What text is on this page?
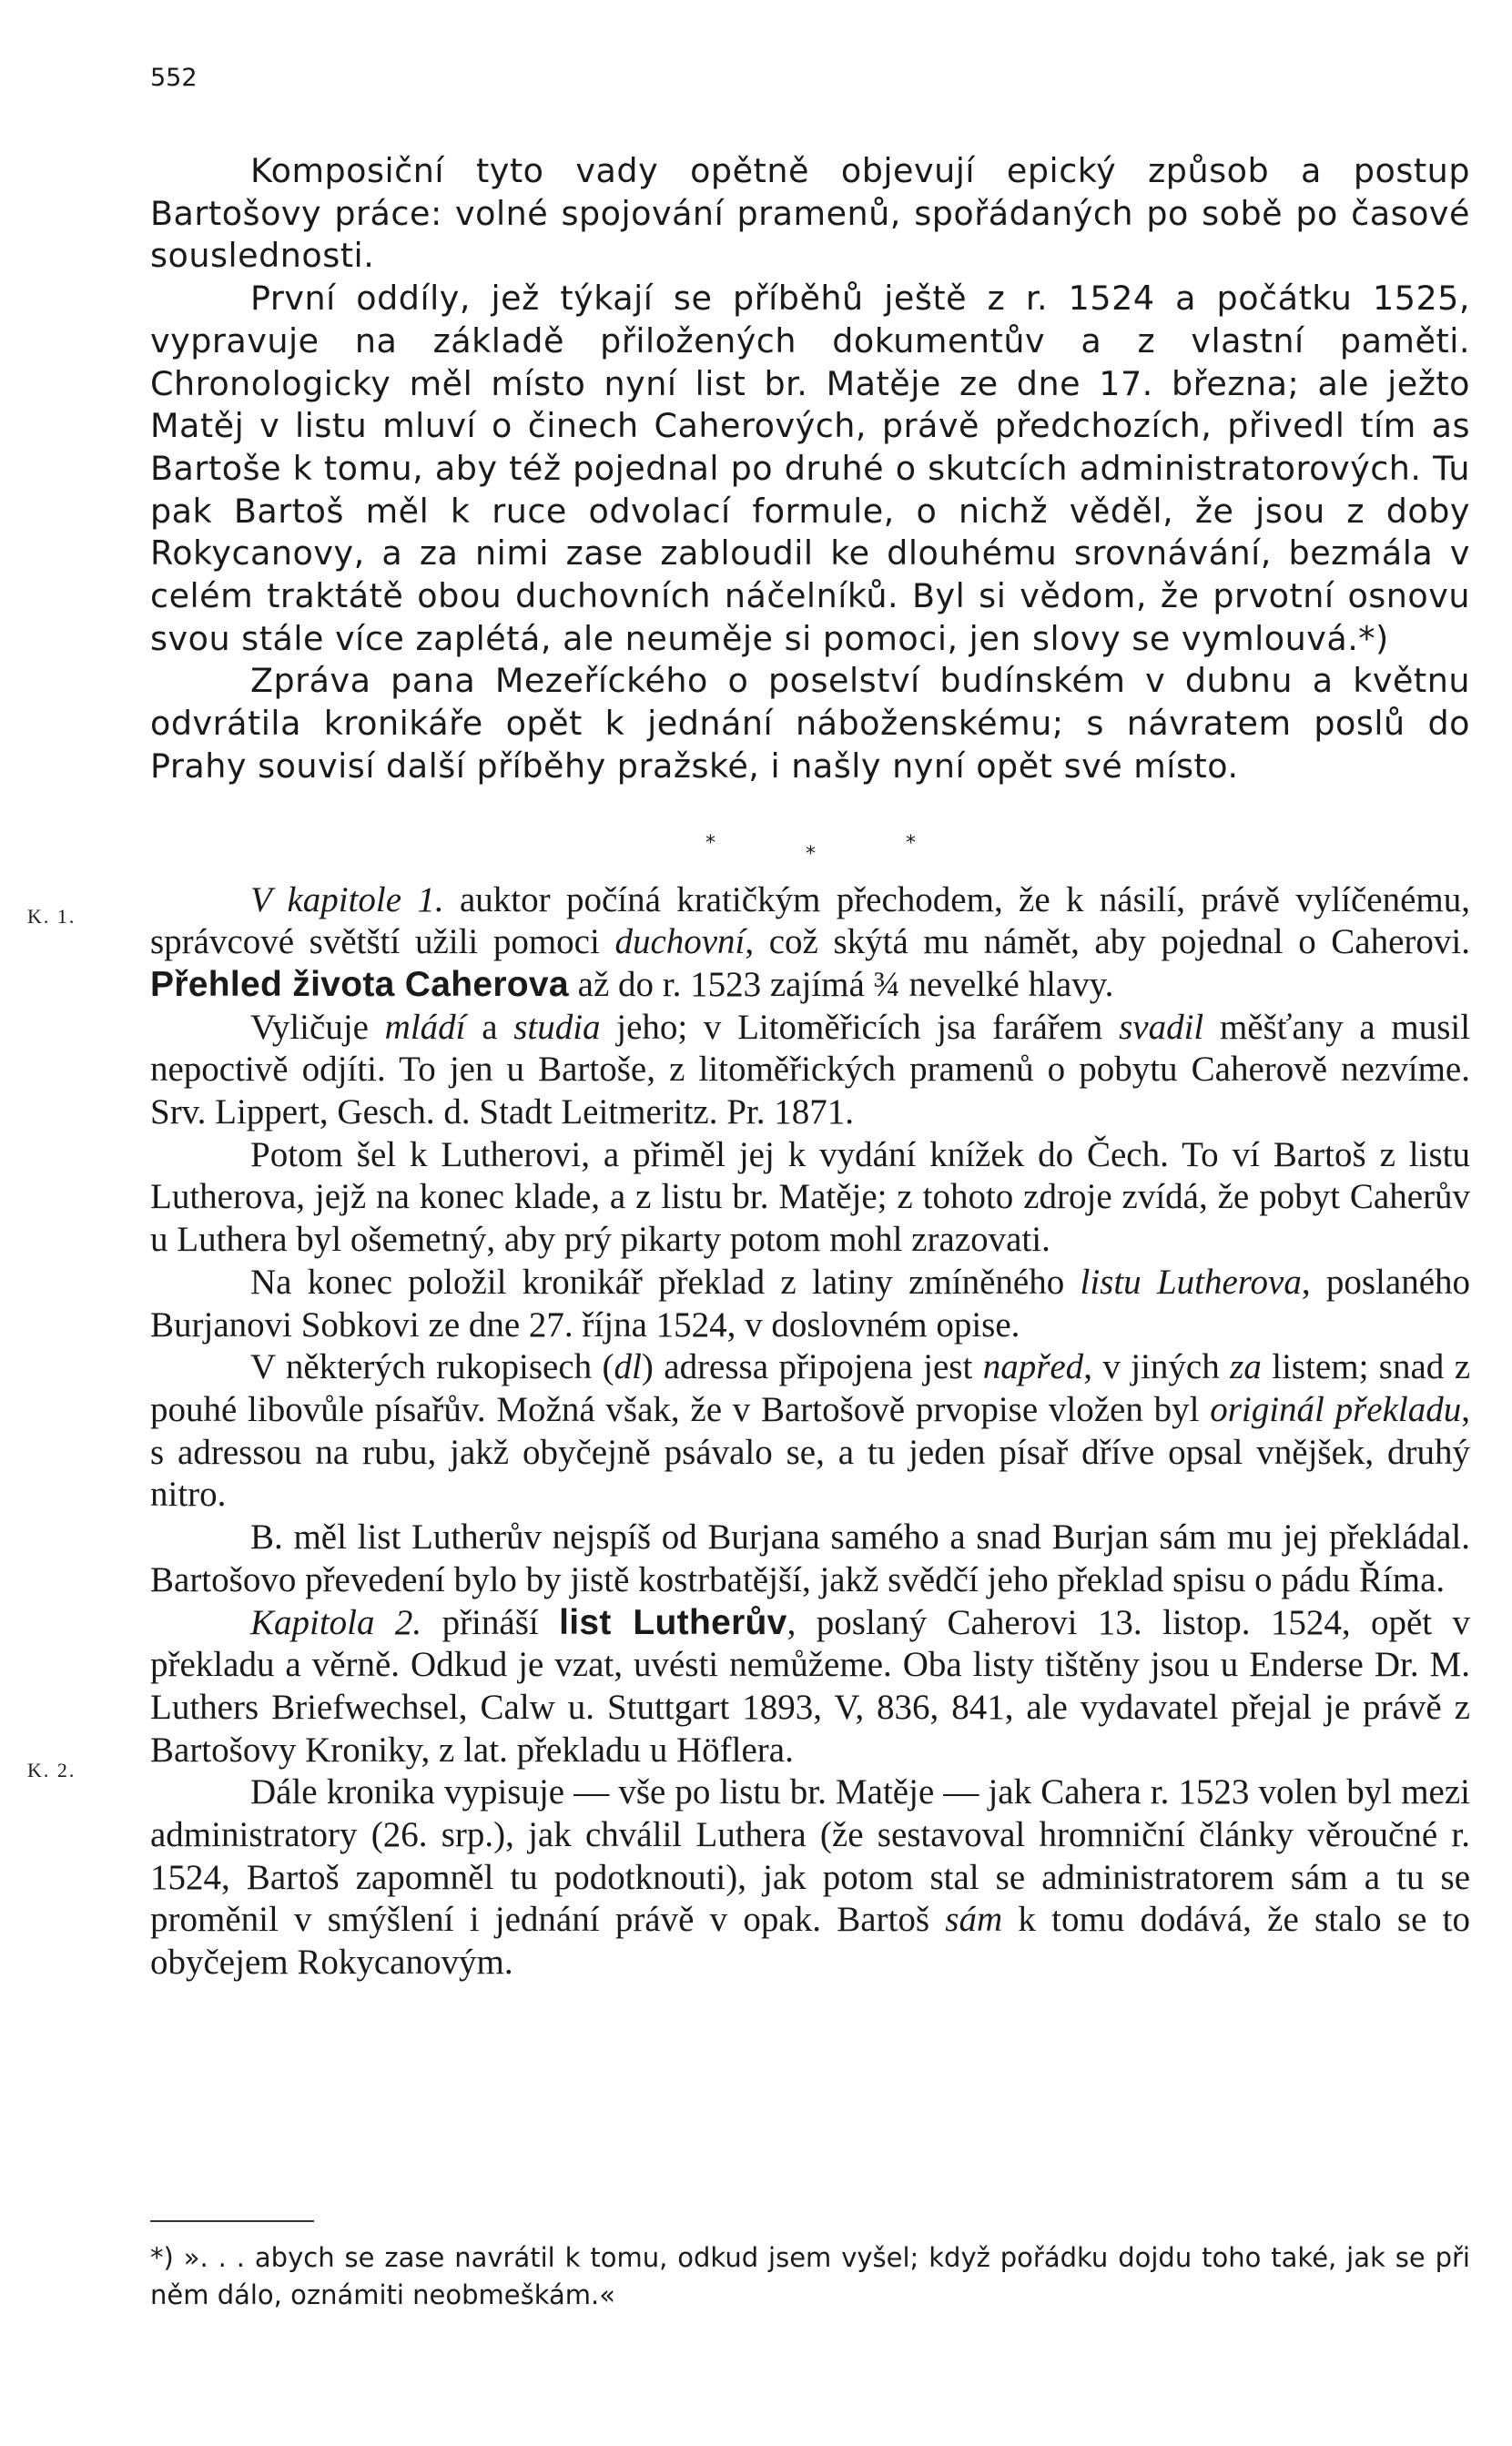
552
K. 1.
K. 2.

Komposiční tyto vady opětně objevují epický způsob a postup Bartošovy práce: volné spojování pramenů, spořádaných po sobě po časové souslednosti.

První oddíly, jež týkají se příběhů ještě z r. 1524 a počátku 1525, vypravuje na základě přiložených dokumentův a z vlastní paměti. Chronologicky měl místo nyní list br. Matěje ze dne 17. března; ale ježto Matěj v listu mluví o činech Caherových, právě předchozích, přivedl tím as Bartoše k tomu, aby též pojednal po druhé o skutcích administratorových. Tu pak Bartoš měl k ruce odvolací formule, o nichž věděl, že jsou z doby Rokycanovy, a za nimi zase zabloudil ke dlouhému srovnávání, bezmála v celém traktátě obou duchovních náčelníků. Byl si vědom, že prvotní osnovu svou stále více zaplétá, ale neuměje si pomoci, jen slovy se vymlouvá.*)

Zpráva pana Mezeříckého o poselství budínském v dubnu a květnu odvrátila kronikáře opět k jednání náboženskému; s návratem poslů do Prahy souvisí další příběhy pražské, i našly nyní opět své místo.

*	*	*

V kapitole 1. auktor počíná kratičkým přechodem, že k násilí, právě vylíčenému, správcové světští užili pomoci duchovní, což skýtá mu námět, aby pojednal o Caherovi. Přehled života Caherova až do r. 1523 zajímá ¾ nevelké hlavy.

Vyličuje mládí a studia jeho; v Litoměřicích jsa farářem svadil měšťany a musil nepoctivě odjíti. To jen u Bartoše, z litoměřických pramenů o pobytu Caherově nezvíme. Srv. Lippert, Gesch. d. Stadt Leitmeritz. Pr. 1871.

Potom šel k Lutherovi, a přiměl jej k vydání knížek do Čech. To ví Bartoš z listu Lutherova, jejž na konec klade, a z listu br. Matěje; z tohoto zdroje zvídá, že pobyt Caherův u Luthera byl ošemetný, aby prý pikarty potom mohl zrazovati.

Na konec položil kronikář překlad z latiny zmíněného listu Lutherova, poslaného Burjanovi Sobkovi ze dne 27. října 1524, v doslovném opise.

V některých rukopisech (dl) adressa připojena jest napřed, v jiných za listem; snad z pouhé libovůle písařův. Možná však, že v Bartošově prvopise vložen byl originál překladu, s adressou na rubu, jakž obyčejně psávalo se, a tu jeden písař dříve opsal vnějšek, druhý nitro.

B. měl list Lutherův nejspíš od Burjana samého a snad Burjan sám mu jej překládal. Bartošovo převedení bylo by jistě kostrbatější, jakž svědčí jeho překlad spisu o pádu Říma.

Kapitola 2. přináší list Lutherův, poslaný Caherovi 13. listop. 1524, opět v překladu a věrně. Odkud je vzat, uvésti nemůžeme. Oba listy tištěny jsou u Enderse Dr. M. Luthers Briefwechsel, Calw u. Stuttgart 1893, V, 836, 841, ale vydavatel přejal je právě z Bartošovy Kroniky, z lat. překladu u Höflera.

Dále kronika vypisuje — vše po listu br. Matěje — jak Cahera r. 1523 volen byl mezi administratory (26. srp.), jak chválil Luthera (že sestavoval hromniční články věroučné r. 1524, Bartoš zapomněl tu podotknouti), jak potom stal se administratorem sám a tu se proměnil v smýšlení i jednání právě v opak. Bartoš sám k tomu dodává, že stalo se to obyčejem Rokycanovým.

*) ». . . abych se zase navrátil k tomu, odkud jsem vyšel; když pořádku dojdu toho také, jak se při něm dálo, oznámiti neobmeškám.«
